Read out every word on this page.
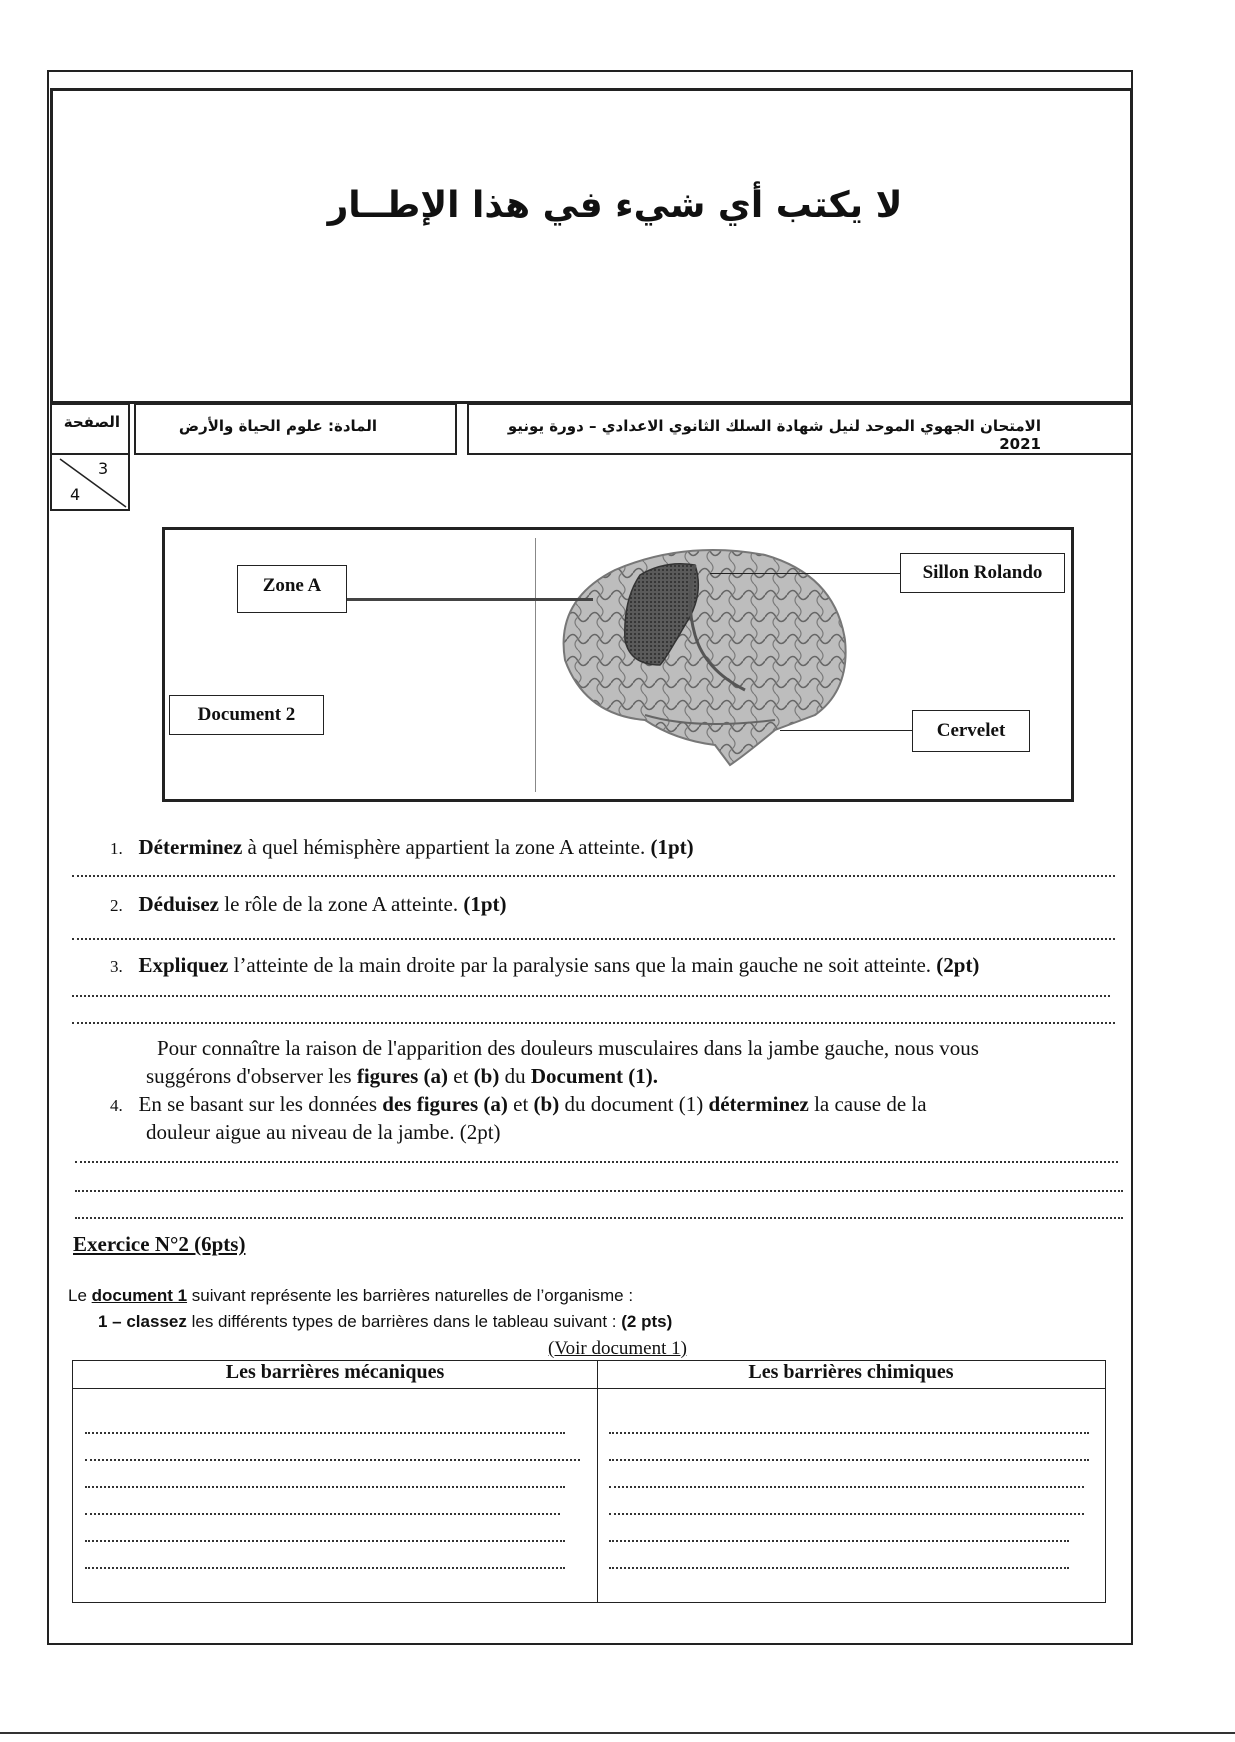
لا يكتب أي شيء في هذا الإطــار
الصفحة	المادة: علوم الحياة والأرض	الامتحان الجهوي الموحد لنيل شهادة السلك الثانوي الاعدادي – دورة يونيو 2021
3
4
Zone A
Document 2
Sillon Rolando
Cervelet
1. Déterminez à quel hémisphère appartient la zone A atteinte. (1pt)
2. Déduisez le rôle de la zone A atteinte. (1pt)
3. Expliquez l’atteinte de la main droite par la paralysie sans que la main gauche ne soit atteinte. (2pt)
Pour connaître la raison de l'apparition des douleurs musculaires dans la jambe gauche, nous vous
suggérons d'observer les figures (a) et (b) du Document (1).
4. En se basant sur les données des figures (a) et (b) du document (1) déterminez la cause de la
douleur aigue au niveau de la jambe. (2pt)
Exercice N°2 (6pts)
Le document 1 suivant représente les barrières naturelles de l’organisme :
1 – classez les différents types de barrières dans le tableau suivant : (2 pts)
(Voir document 1)
Les barrières mécaniques	Les barrières chimiques
